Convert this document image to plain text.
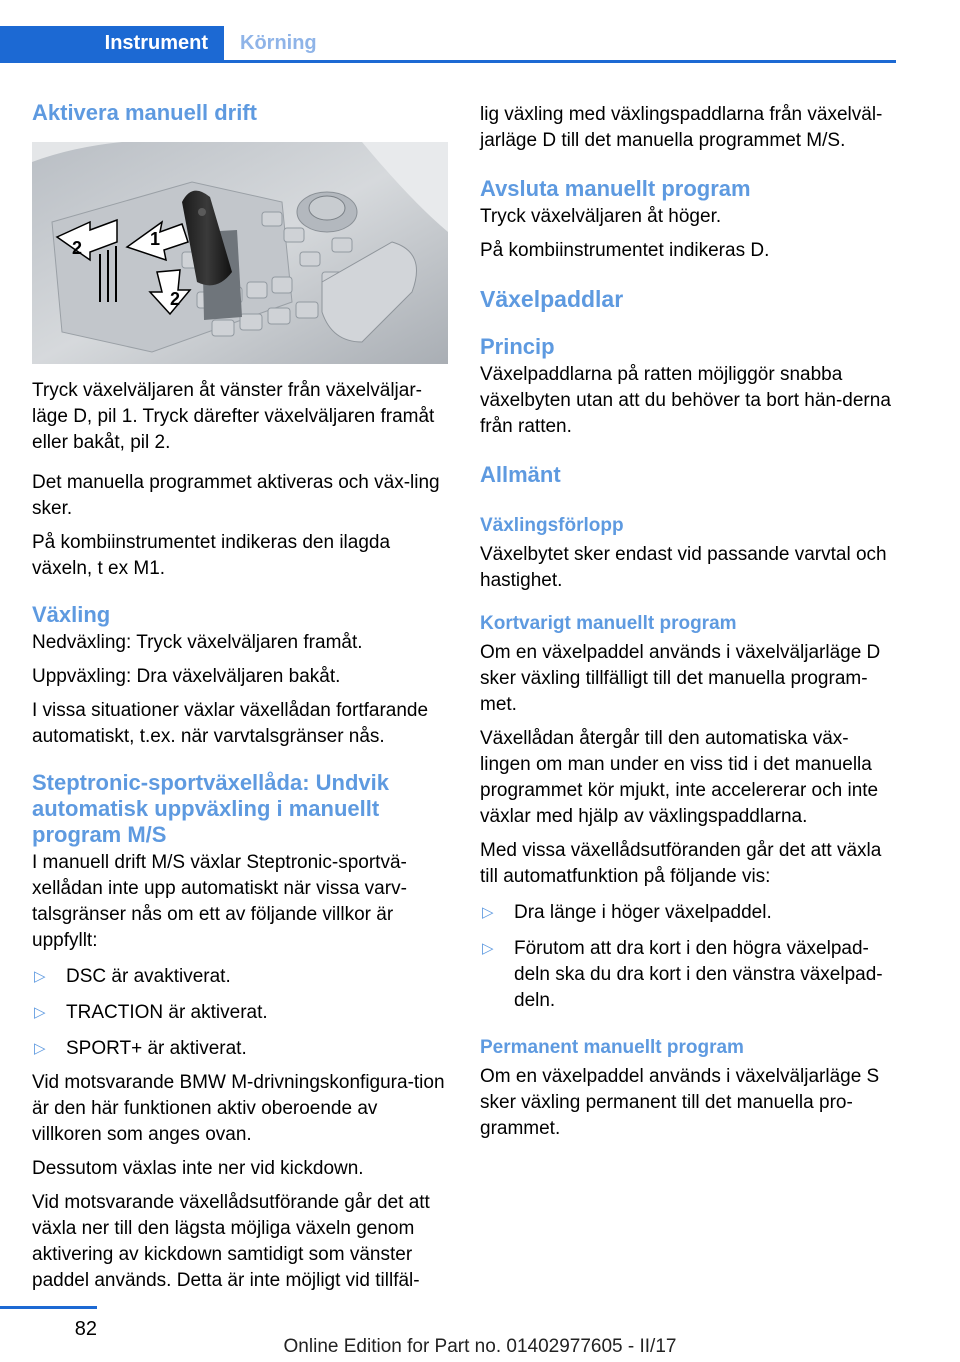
Instrument	Körning
Aktivera manuell drift
2	1
2

Tryck växelväljaren åt vänster från växelväljar‐läge D, pil 1. Tryck därefter växelväljaren framåt eller bakåt, pil 2.

Det manuella programmet aktiveras och väx‐ling sker.

På kombiinstrumentet indikeras den ilagda växeln, t ex M1.

Växling

Nedväxling: Tryck växelväljaren framåt.

Uppväxling: Dra växelväljaren bakåt.

I vissa situationer växlar växellådan fortfarande automatiskt, t.ex. när varvtalsgränser nås.

Steptronic-sportväxellåda: Undvik automatisk uppväxling i manuellt program M/S

I manuell drift M/S växlar Steptronic-sportvä‐xellådan inte upp automatiskt när vissa varv‐talsgränser nås om ett av följande villkor är uppfyllt:

▷ DSC är avaktiverat.
▷ TRACTION är aktiverat.
▷ SPORT+ är aktiverat.

Vid motsvarande BMW M-drivningskonfigura‐tion är den här funktionen aktiv oberoende av villkoren som anges ovan.

Dessutom växlas inte ner vid kickdown.

Vid motsvarande växellådsutförande går det att växla ner till den lägsta möjliga växeln genom aktivering av kickdown samtidigt som vänster paddel används. Detta är inte möjligt vid tillfäl‐

lig växling med växlingspaddlarna från växelväl‐jarläge D till det manuella programmet M/S.

Avsluta manuellt program

Tryck växelväljaren åt höger.

På kombiinstrumentet indikeras D.

Växelpaddlar
Princip

Växelpaddlarna på ratten möjliggör snabba växelbyten utan att du behöver ta bort hän‐derna från ratten.

Allmänt
Växlingsförlopp

Växelbytet sker endast vid passande varvtal och hastighet.

Kortvarigt manuellt program

Om en växelpaddel används i växelväljarläge D sker växling tillfälligt till det manuella program‐met.

Växellådan återgår till den automatiska väx‐lingen om man under en viss tid i det manuella programmet kör mjukt, inte accelererar och inte växlar med hjälp av växlingspaddlarna.

Med vissa växellådsutföranden går det att växla till automatfunktion på följande vis:

▷ Dra länge i höger växelpaddel.
▷ Förutom att dra kort i den högra växelpad‐deln ska du dra kort i den vänstra växelpad‐deln.
Permanent manuellt program

Om en växelpaddel används i växelväljarläge S sker växling permanent till det manuella pro‐grammet.

82
Online Edition for Part no. 01402977605 - II/17
